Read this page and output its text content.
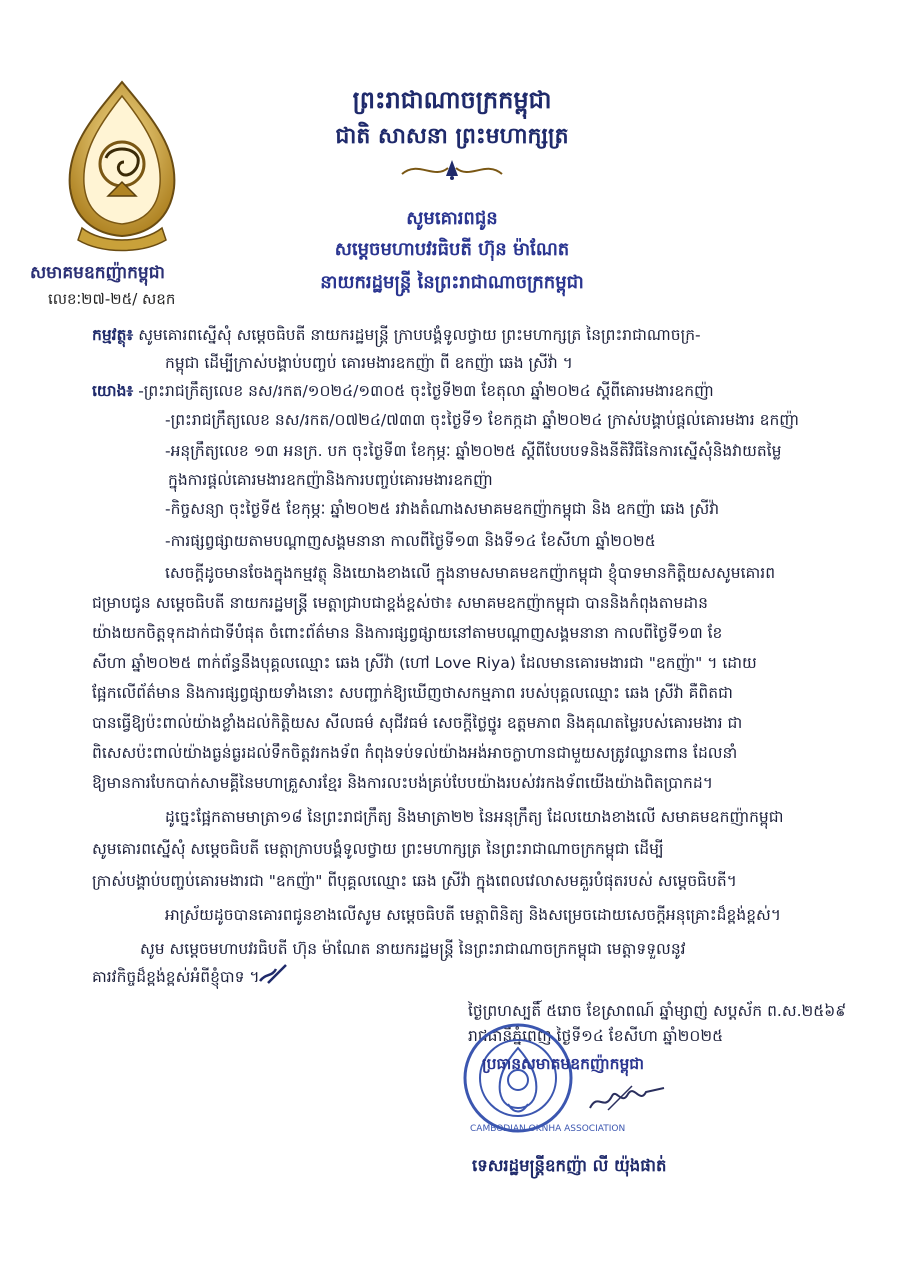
សមាគមឧកញ៉ាកម្ពុជា
លេខៈ២៧-២៥/ សឧក
ព្រះរាជាណាចក្រកម្ពុជា
ជាតិ សាសនា ព្រះមហាក្សត្រ
សូមគោរពជូន
សម្តេចមហាបវរធិបតី ហ៊ុន ម៉ាណែត
នាយករដ្ឋមន្ត្រី នៃព្រះរាជាណាចក្រកម្ពុជា
កម្មវត្ថុ៖ សូមគោរពស្នើសុំ សម្តេចធិបតី នាយករដ្ឋមន្ត្រី ក្រាបបង្គំទូលថ្វាយ ព្រះមហាក្សត្រ នៃព្រះរាជាណាចក្រ-
កម្ពុជា ដើម្បីក្រាស់បង្គាប់បញ្ចប់ គោរមងារឧកញ៉ា ពី ឧកញ៉ា ឆេង ស្រីវ៉ា ។
យោង៖ -ព្រះរាជក្រឹត្យលេខ នស/រកត/១០២៤/១៣០៥ ចុះថ្ងៃទី២៣ ខែតុលា ឆ្នាំ២០២៤ ស្តីពីគោរមងារឧកញ៉ា
-ព្រះរាជក្រឹត្យលេខ នស/រកត/០៧២៤/៧៣៣ ចុះថ្ងៃទី១ ខែកក្កដា ឆ្នាំ២០២៤ ក្រាស់បង្គាប់ផ្តល់គោរមងារ ឧកញ៉ា
-អនុក្រឹត្យលេខ ១៣ អនក្រ. បក ចុះថ្ងៃទី៣ ខែកុម្ភៈ ឆ្នាំ២០២៥ ស្តីពីបែបបទនិងនីតិវិធីនៃការស្នើសុំនិងវាយតម្លៃ
ក្នុងការផ្តល់គោរមងារឧកញ៉ានិងការបញ្ចប់គោរមងារឧកញ៉ា
-កិច្ចសន្យា ចុះថ្ងៃទី៥ ខែកុម្ភៈ ឆ្នាំ២០២៥ រវាងតំណាងសមាគមឧកញ៉ាកម្ពុជា និង ឧកញ៉ា ឆេង ស្រីវ៉ា
-ការផ្សព្វផ្សាយតាមបណ្តាញសង្គមនានា កាលពីថ្ងៃទី១៣ និងទី១៤ ខែសីហា ឆ្នាំ២០២៥
សេចក្តីដូចមានចែងក្នុងកម្មវត្ថុ និងយោងខាងលើ ក្នុងនាមសមាគមឧកញ៉ាកម្ពុជា ខ្ញុំបាទមានកិត្តិយសសូមគោរព
ជម្រាបជូន សម្តេចធិបតី នាយករដ្ឋមន្ត្រី មេត្តាជ្រាបជាខ្ពង់ខ្ពស់ថា៖ សមាគមឧកញ៉ាកម្ពុជា បាននិងកំពុងតាមដាន
យ៉ាងយកចិត្តទុកដាក់ជាទីបំផុត ចំពោះព័ត៌មាន និងការផ្សព្វផ្សាយនៅតាមបណ្តាញសង្គមនានា កាលពីថ្ងៃទី១៣ ខែ
សីហា ឆ្នាំ២០២៥ ពាក់ព័ន្ធនឹងបុគ្គលឈ្មោះ ឆេង ស្រីវ៉ា (ហៅ Love Riya) ដែលមានគោរមងារជា "ឧកញ៉ា" ។ ដោយ
ផ្អែកលើព័ត៌មាន និងការផ្សព្វផ្សាយទាំងនោះ សបញ្ជាក់ឱ្យឃើញថាសកម្មភាព របស់បុគ្គលឈ្មោះ ឆេង ស្រីវ៉ា គឺពិតជា
បានធ្វើឱ្យប៉ះពាល់យ៉ាងខ្លាំងដល់កិត្តិយស សីលធម៌ សុជីវធម៌ សេចក្តីថ្លៃថ្នូរ ឧត្តមភាព និងគុណតម្លៃរបស់គោរមងារ ជា
ពិសេសប៉ះពាល់យ៉ាងធ្ងន់ធ្ងរដល់ទឹកចិត្តវរកងទ័ព កំពុងទប់ទល់យ៉ាងអង់អាចក្លាហានជាមួយសត្រូវឈ្លានពាន ដែលនាំ
ឱ្យមានការបែកបាក់សាមគ្គីនៃមហាគ្រួសារខ្មែរ និងការលះបង់គ្រប់បែបយ៉ាងរបស់វរកងទ័ពយើងយ៉ាងពិតប្រាកដ។
ដូច្នេះផ្អែកតាមមាត្រា១៨ នៃព្រះរាជក្រឹត្យ និងមាត្រា២២ នៃអនុក្រឹត្យ ដែលយោងខាងលើ សមាគមឧកញ៉ាកម្ពុជា
សូមគោរពស្នើសុំ សម្តេចធិបតី មេត្តាក្រាបបង្គំទូលថ្វាយ ព្រះមហាក្សត្រ នៃព្រះរាជាណាចក្រកម្ពុជា ដើម្បី
ក្រាស់បង្គាប់បញ្ចប់គោរមងារជា "ឧកញ៉ា" ពីបុគ្គលឈ្មោះ ឆេង ស្រីវ៉ា ក្នុងពេលវេលាសមគួរបំផុតរបស់ សម្តេចធិបតី។
អាស្រ័យដូចបានគោរពជូនខាងលើសូម សម្តេចធិបតី មេត្តាពិនិត្យ និងសម្រេចដោយសេចក្តីអនុគ្រោះដ៏ខ្ពង់ខ្ពស់។
សូម សម្តេចមហាបវរធិបតី ហ៊ុន ម៉ាណែត នាយករដ្ឋមន្ត្រី នៃព្រះរាជាណាចក្រកម្ពុជា មេត្តាទទួលនូវ
គារវកិច្ចដ៏ខ្ពង់ខ្ពស់អំពីខ្ញុំបាទ ។
ថ្ងៃព្រហស្បតិ៍ ៥រោច ខែស្រាពណ៍ ឆ្នាំម្សាញ់ សប្តស័ក ព.ស.២៥៦៩
រាជធានីភ្នំពេញ ថ្ងៃទី១៤ ខែសីហា ឆ្នាំ២០២៥
ប្រធានសមាគមឧកញ៉ាកម្ពុជា
CAMBODIAN OKNHA ASSOCIATION
ទេសរដ្ឋមន្ត្រីឧកញ៉ា លី យ៉ុងផាត់
